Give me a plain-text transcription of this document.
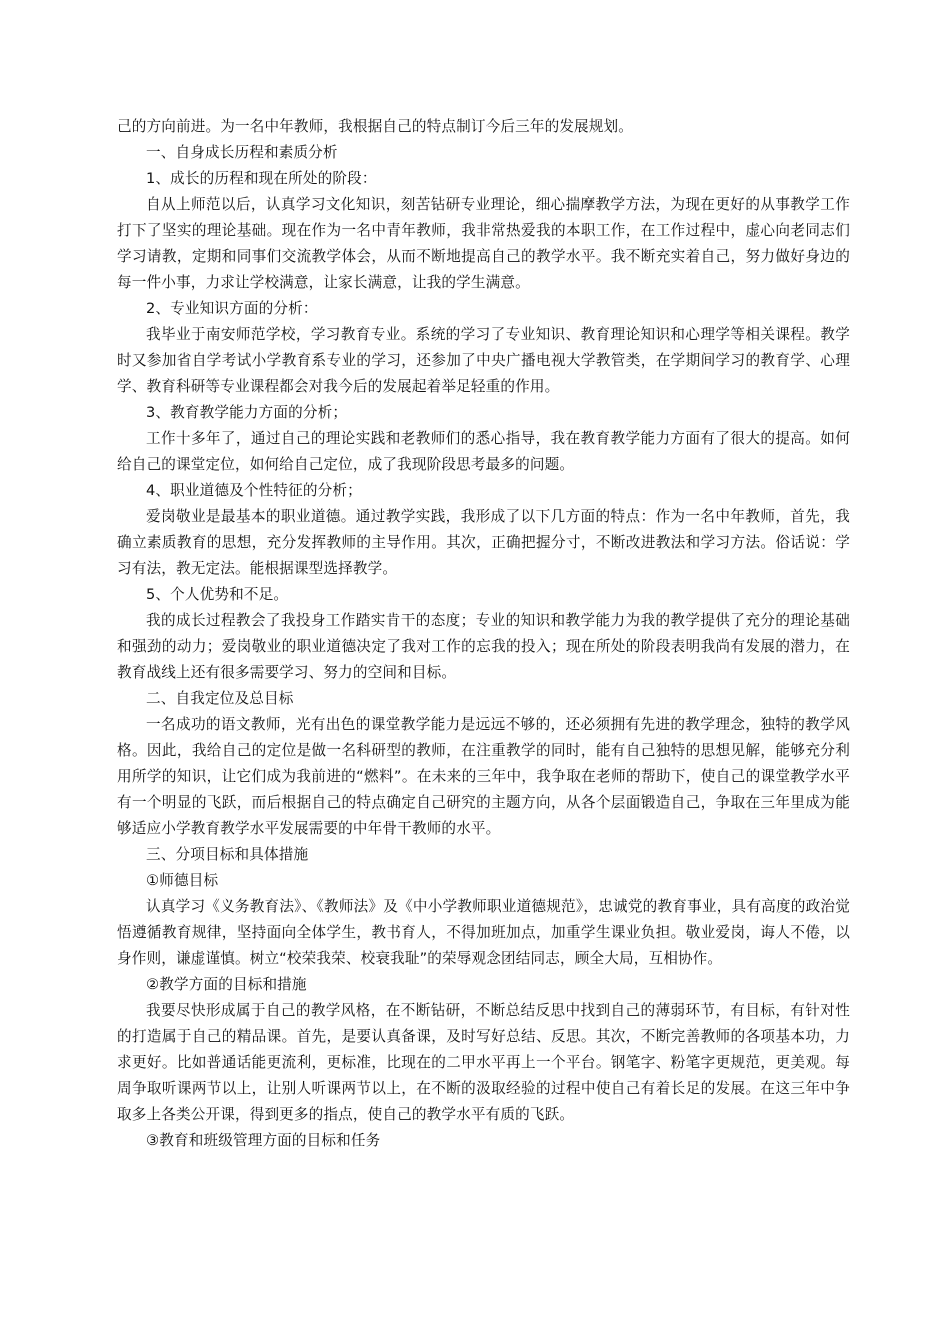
己的方向前进。为一名中年教师，我根据自己的特点制订今后三年的发展规划。

一、自身成长历程和素质分析

1、成长的历程和现在所处的阶段：

自从上师范以后，认真学习文化知识，刻苦钻研专业理论，细心揣摩教学方法，为现在更好的从事教学工作打下了坚实的理论基础。现在作为一名中青年教师，我非常热爱我的本职工作，在工作过程中，虚心向老同志们学习请教，定期和同事们交流教学体会，从而不断地提高自己的教学水平。我不断充实着自己，努力做好身边的每一件小事，力求让学校满意，让家长满意，让我的学生满意。

2、专业知识方面的分析：

我毕业于南安师范学校，学习教育专业。系统的学习了专业知识、教育理论知识和心理学等相关课程。教学时又参加省自学考试小学教育系专业的学习，还参加了中央广播电视大学教管类，在学期间学习的教育学、心理学、教育科研等专业课程都会对我今后的发展起着举足轻重的作用。

3、教育教学能力方面的分析；

工作十多年了，通过自己的理论实践和老教师们的悉心指导，我在教育教学能力方面有了很大的提高。如何给自己的课堂定位，如何给自己定位，成了我现阶段思考最多的问题。

4、职业道德及个性特征的分析；

爱岗敬业是最基本的职业道德。通过教学实践，我形成了以下几方面的特点：作为一名中年教师，首先，我确立素质教育的思想，充分发挥教师的主导作用。其次，正确把握分寸，不断改进教法和学习方法。俗话说：学习有法，教无定法。能根据课型选择教学。

5、个人优势和不足。

我的成长过程教会了我投身工作踏实肯干的态度；专业的知识和教学能力为我的教学提供了充分的理论基础和强劲的动力；爱岗敬业的职业道德决定了我对工作的忘我的投入；现在所处的阶段表明我尚有发展的潜力，在教育战线上还有很多需要学习、努力的空间和目标。

二、自我定位及总目标

一名成功的语文教师，光有出色的课堂教学能力是远远不够的，还必须拥有先进的教学理念，独特的教学风格。因此，我给自己的定位是做一名科研型的教师，在注重教学的同时，能有自己独特的思想见解，能够充分利用所学的知识，让它们成为我前进的“燃料”。在未来的三年中，我争取在老师的帮助下，使自己的课堂教学水平有一个明显的飞跃，而后根据自己的特点确定自己研究的主题方向，从各个层面锻造自己，争取在三年里成为能够适应小学教育教学水平发展需要的中年骨干教师的水平。

三、分项目标和具体措施

①师德目标

认真学习《义务教育法》、《教师法》及《中小学教师职业道德规范》，忠诚党的教育事业，具有高度的政治觉悟遵循教育规律，坚持面向全体学生，教书育人，不得加班加点，加重学生课业负担。敬业爱岗，诲人不倦，以身作则，谦虚谨慎。树立“校荣我荣、校衰我耻”的荣辱观念团结同志，顾全大局，互相协作。

②教学方面的目标和措施

我要尽快形成属于自己的教学风格，在不断钻研，不断总结反思中找到自己的薄弱环节，有目标，有针对性的打造属于自己的精品课。首先，是要认真备课，及时写好总结、反思。其次，不断完善教师的各项基本功，力求更好。比如普通话能更流利，更标准，比现在的二甲水平再上一个平台。钢笔字、粉笔字更规范，更美观。每周争取听课两节以上，让别人听课两节以上，在不断的汲取经验的过程中使自己有着长足的发展。在这三年中争取多上各类公开课，得到更多的指点，使自己的教学水平有质的飞跃。

③教育和班级管理方面的目标和任务
